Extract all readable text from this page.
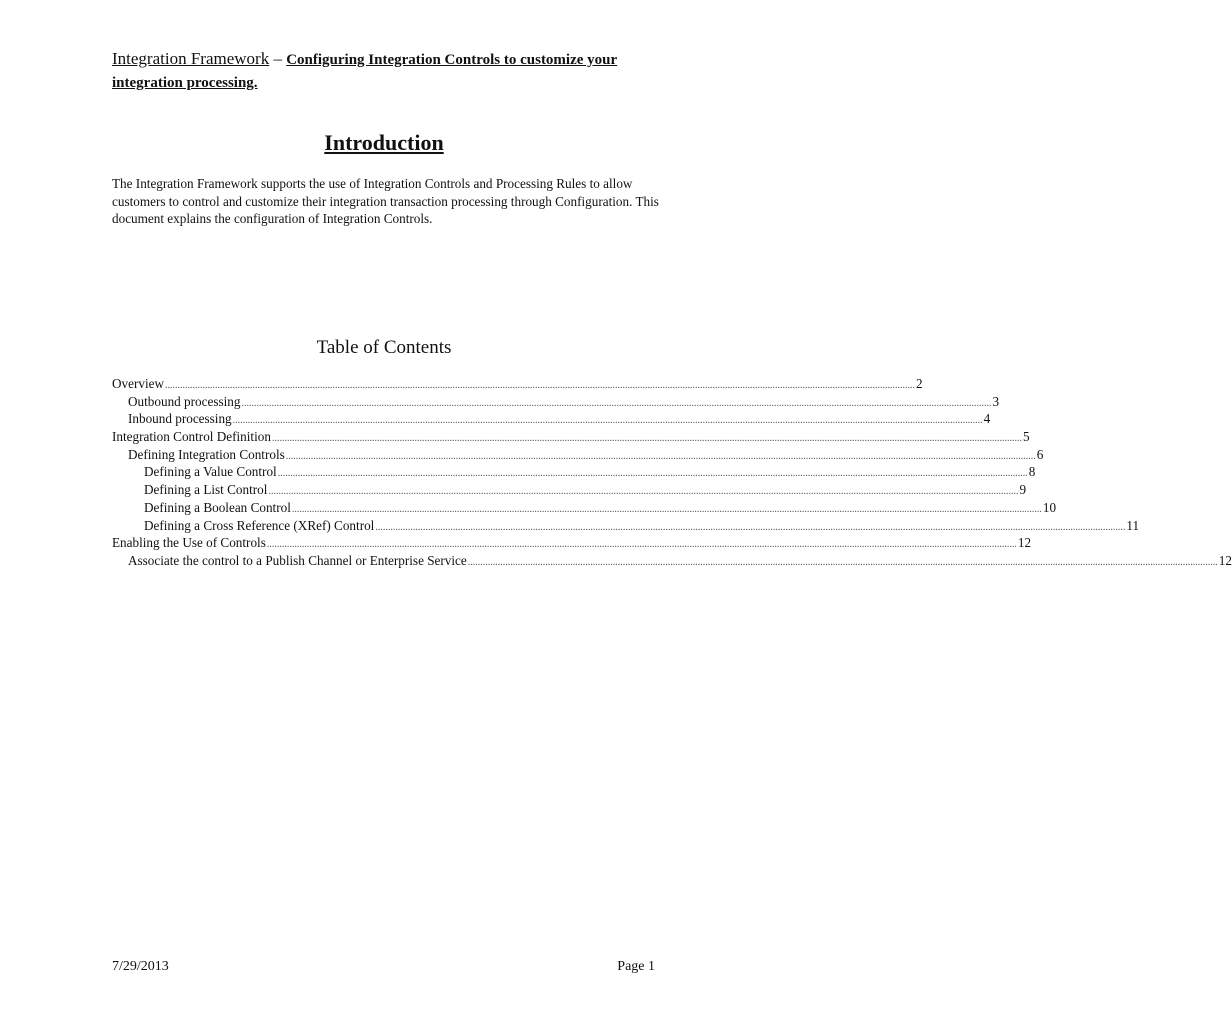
Integration Framework – Configuring Integration Controls to customize your integration processing.
Introduction
The Integration Framework supports the use of Integration Controls and Processing Rules to allow customers to control and customize their integration transaction processing through Configuration. This document explains the configuration of Integration Controls.
Table of Contents
Overview ............................................................................................................................................................................................................................................................................................................ 2
Outbound processing ............................................................................................................................................................................................................................................................................................................ 3
Inbound processing ............................................................................................................................................................................................................................................................................................................ 4
Integration Control Definition ............................................................................................................................................................................................................................................................................................................ 5
Defining Integration Controls ............................................................................................................................................................................................................................................................................................................ 6
Defining a Value Control ............................................................................................................................................................................................................................................................................................................ 8
Defining a List Control ............................................................................................................................................................................................................................................................................................................ 9
Defining a Boolean Control ............................................................................................................................................................................................................................................................................................................ 10
Defining a Cross Reference (XRef) Control ............................................................................................................................................................................................................................................................................................................ 11
Enabling the Use of Controls ............................................................................................................................................................................................................................................................................................................ 12
Associate the control to a Publish Channel or Enterprise Service ............................................................................................................................................................................................................................................................................................................ 12
7/29/2013	Page 1
